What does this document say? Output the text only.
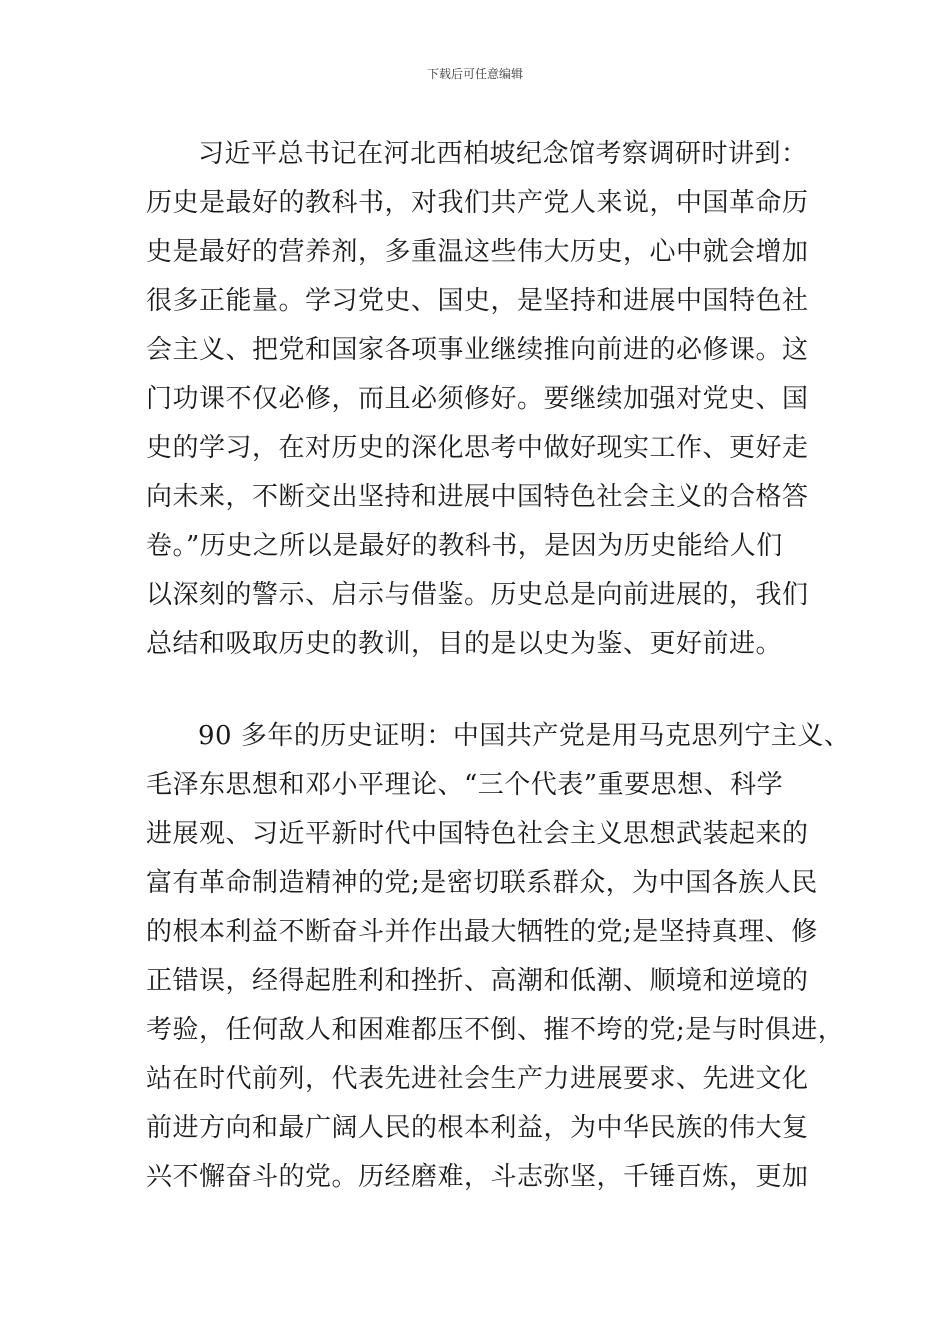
下载后可任意编辑
习近平总书记在河北西柏坡纪念馆考察调研时讲到：
历史是最好的教科书，对我们共产党人来说，中国革命历
史是最好的营养剂，多重温这些伟大历史，心中就会增加
很多正能量。学习党史、国史，是坚持和进展中国特色社
会主义、把党和国家各项事业继续推向前进的必修课。这
门功课不仅必修，而且必须修好。要继续加强对党史、国
史的学习，在对历史的深化思考中做好现实工作、更好走
向未来，不断交出坚持和进展中国特色社会主义的合格答
卷。”历史之所以是最好的教科书，是因为历史能给人们
以深刻的警示、启示与借鉴。历史总是向前进展的，我们
总结和吸取历史的教训，目的是以史为鉴、更好前进。
90 多年的历史证明：中国共产党是用马克思列宁主义、
毛泽东思想和邓小平理论、“三个代表”重要思想、科学
进展观、习近平新时代中国特色社会主义思想武装起来的
富有革命制造精神的党;是密切联系群众，为中国各族人民
的根本利益不断奋斗并作出最大牺牲的党;是坚持真理、修
正错误，经得起胜利和挫折、高潮和低潮、顺境和逆境的
考验，任何敌人和困难都压不倒、摧不垮的党;是与时俱进，
站在时代前列，代表先进社会生产力进展要求、先进文化
前进方向和最广阔人民的根本利益，为中华民族的伟大复
兴不懈奋斗的党。历经磨难，斗志弥坚，千锤百炼，更加
